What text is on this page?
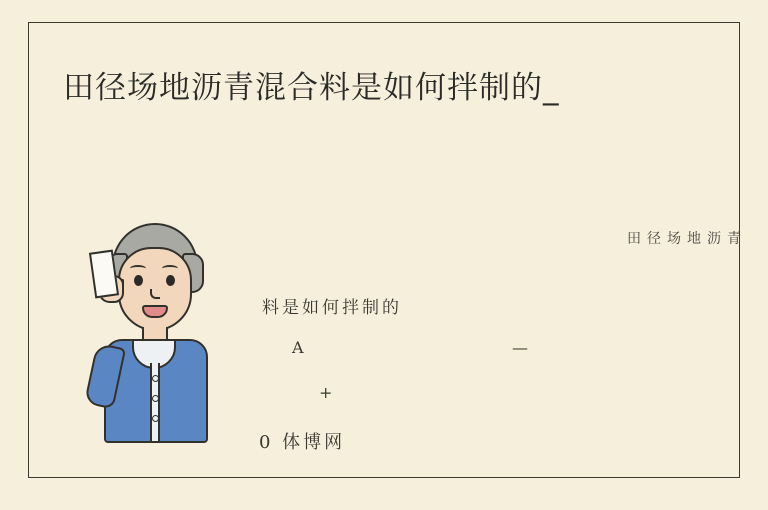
田径场地沥青混合料是如何拌制的_
田径场地沥青
料是如何拌制的
A	—
+
0 体博网
